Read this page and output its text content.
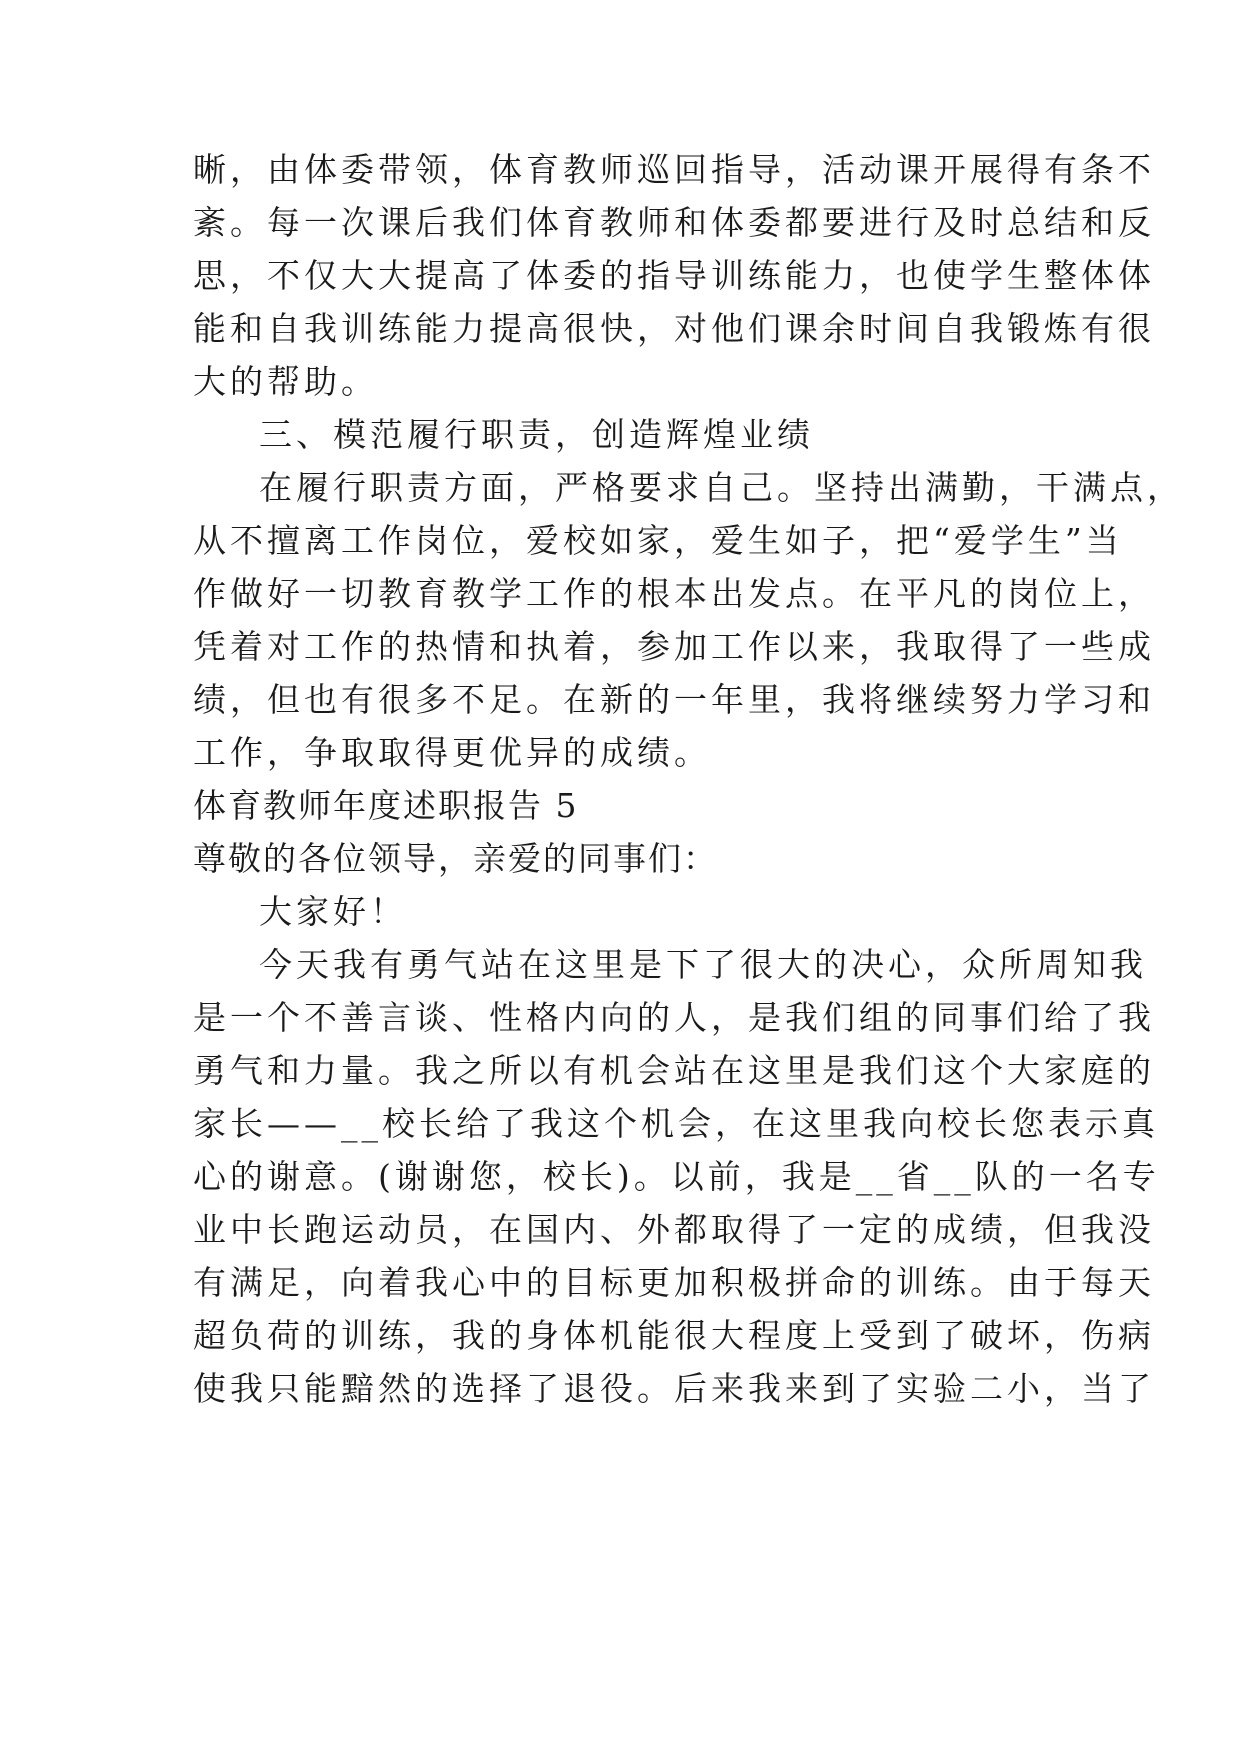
晰，由体委带领，体育教师巡回指导，活动课开展得有条不
紊。每一次课后我们体育教师和体委都要进行及时总结和反
思，不仅大大提高了体委的指导训练能力，也使学生整体体
能和自我训练能力提高很快，对他们课余时间自我锻炼有很
大的帮助。
三、模范履行职责，创造辉煌业绩
在履行职责方面，严格要求自己。坚持出满勤，干满点，
从不擅离工作岗位，爱校如家，爱生如子，把“爱学生”当
作做好一切教育教学工作的根本出发点。在平凡的岗位上，
凭着对工作的热情和执着，参加工作以来，我取得了一些成
绩，但也有很多不足。在新的一年里，我将继续努力学习和
工作，争取取得更优异的成绩。
体育教师年度述职报告 5
尊敬的各位领导，亲爱的同事们：
大家好！
今天我有勇气站在这里是下了很大的决心，众所周知我
是一个不善言谈、性格内向的人，是我们组的同事们给了我
勇气和力量。我之所以有机会站在这里是我们这个大家庭的
家长——__校长给了我这个机会，在这里我向校长您表示真
心的谢意。(谢谢您，校长)。以前，我是__省__队的一名专
业中长跑运动员，在国内、外都取得了一定的成绩，但我没
有满足，向着我心中的目标更加积极拼命的训练。由于每天
超负荷的训练，我的身体机能很大程度上受到了破坏，伤病
使我只能黯然的选择了退役。后来我来到了实验二小，当了
